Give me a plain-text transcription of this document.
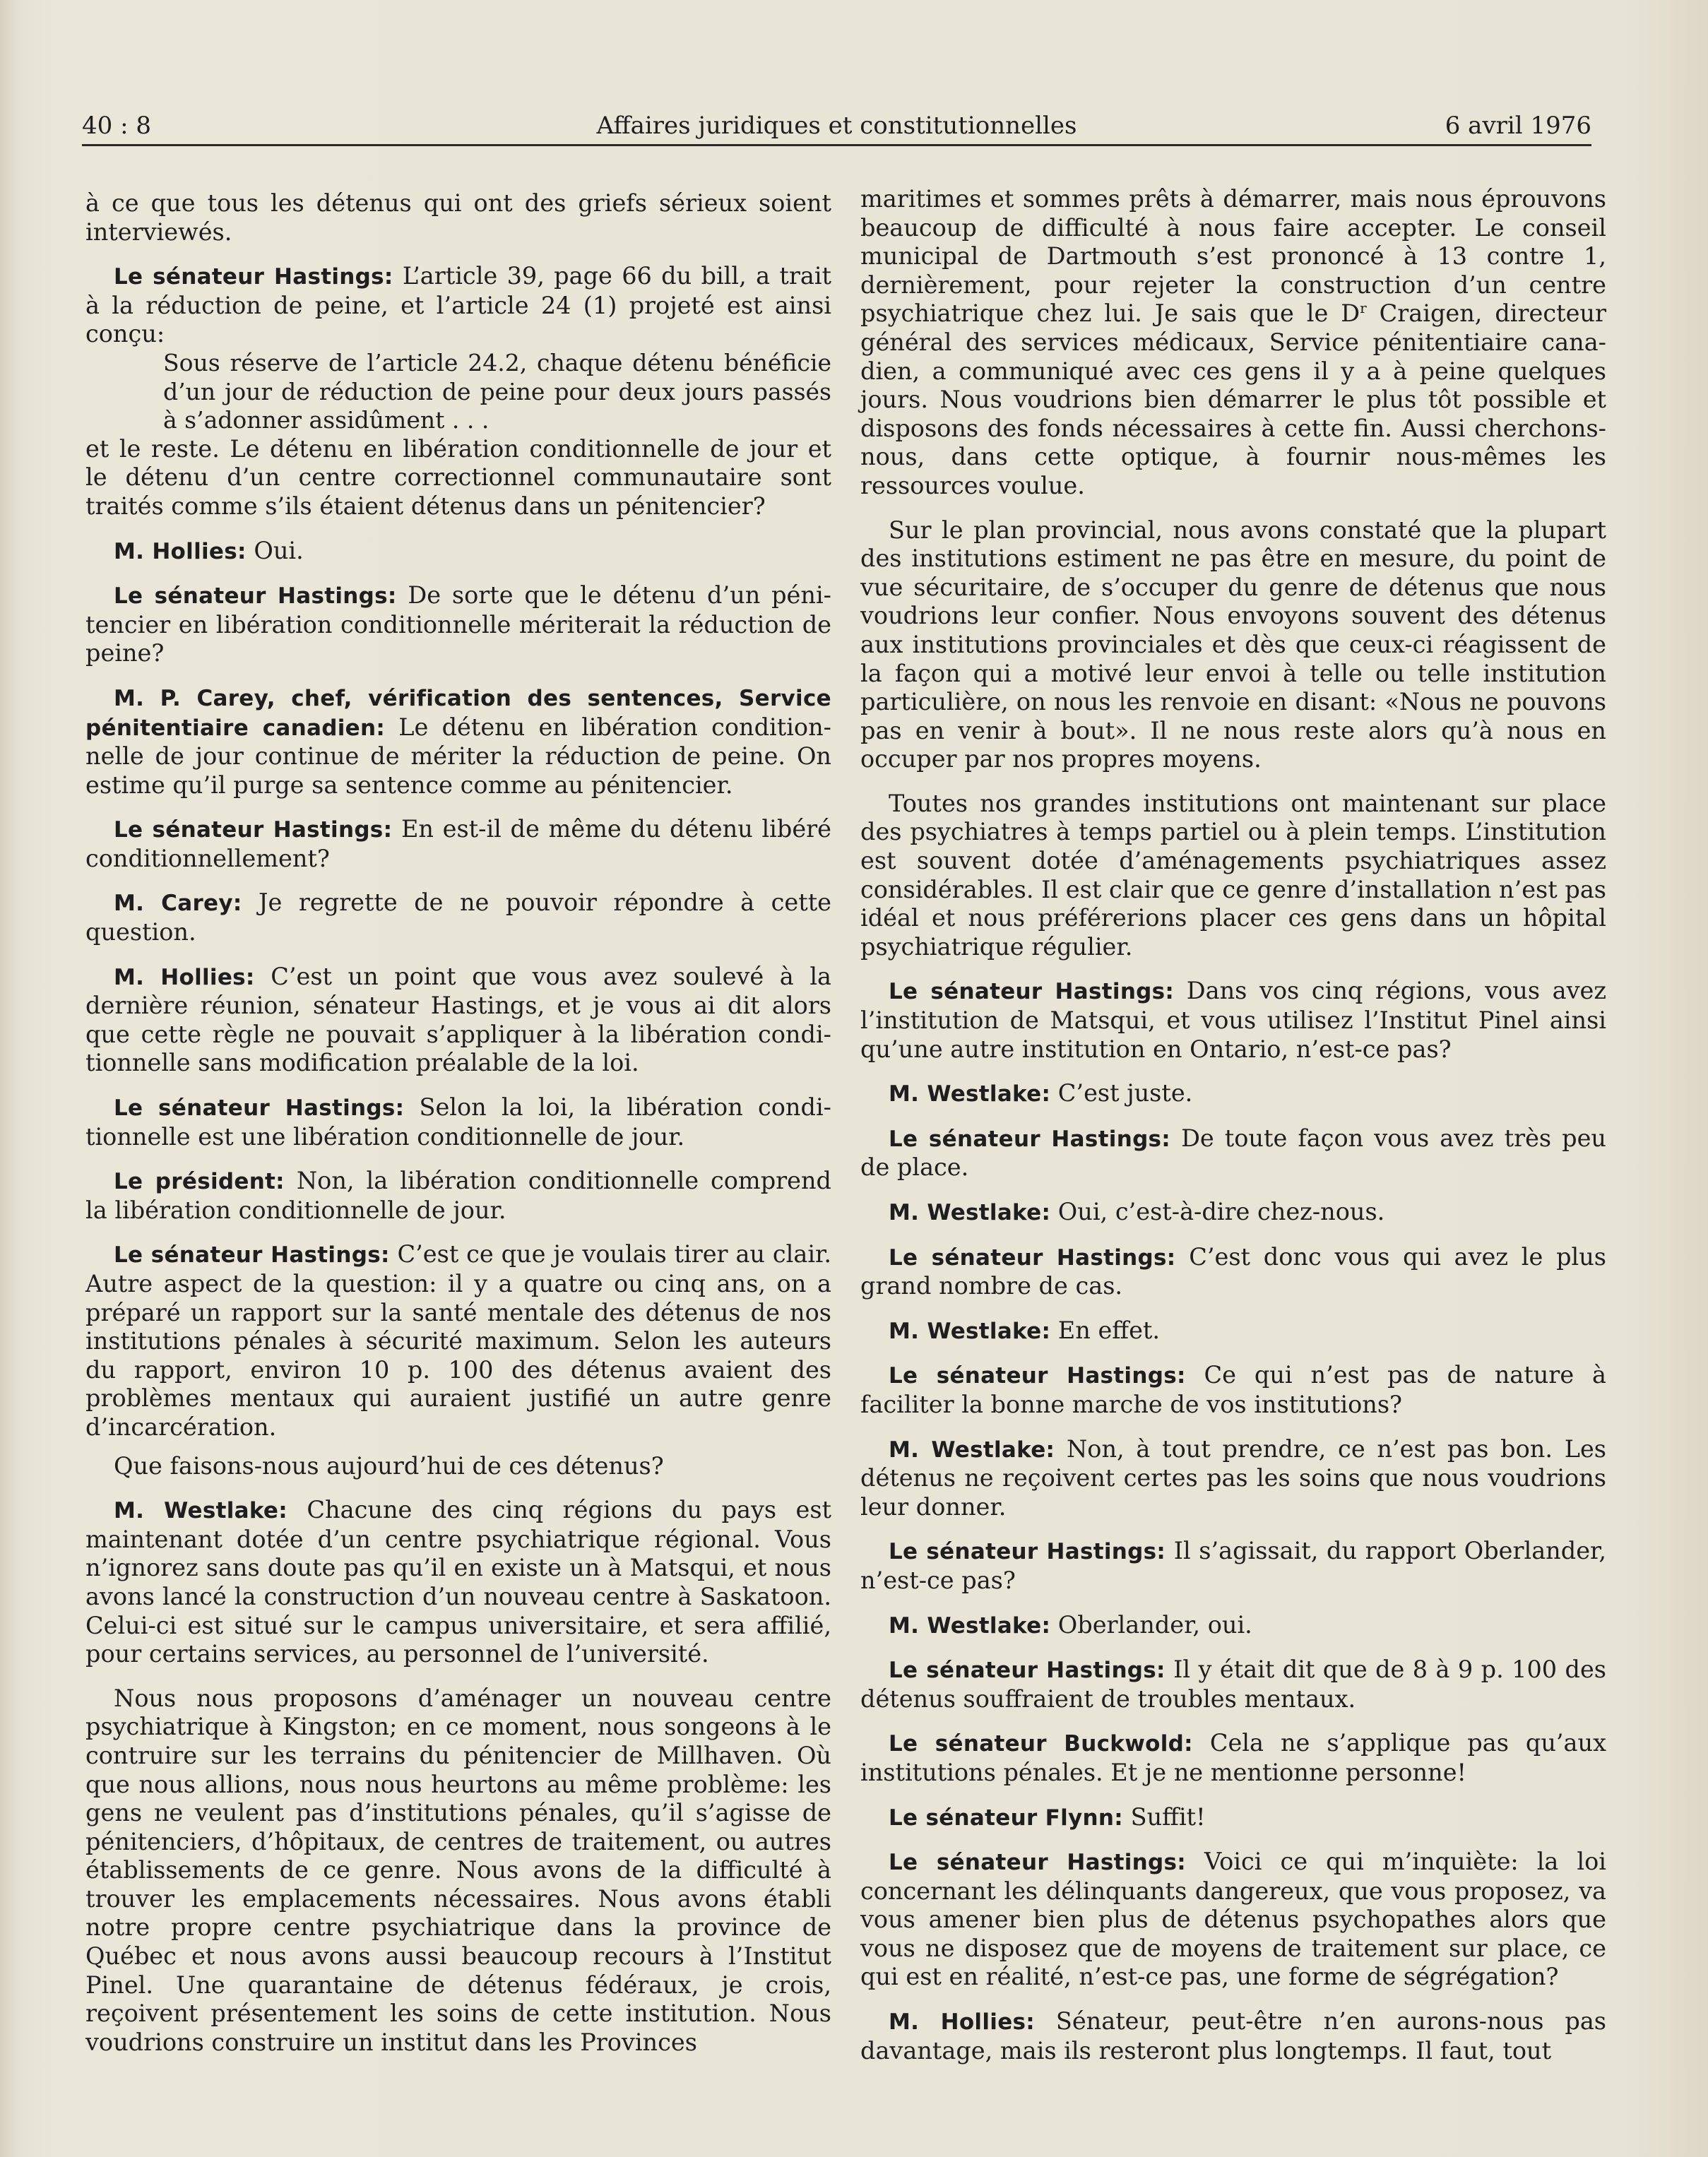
40 : 8	Affaires juridiques et constitutionnelles	6 avril 1976

à ce que tous les détenus qui ont des griefs sérieux soient interviewés.

Le sénateur Hastings: L’article 39, page 66 du bill, a trait à la réduction de peine, et l’article 24 (1) projeté est ainsi conçu:

Sous réserve de l’article 24.2, chaque détenu bénéficie d’un jour de réduction de peine pour deux jours passés à s’adonner assidûment . . .

et le reste. Le détenu en libération conditionnelle de jour et le détenu d’un centre correctionnel communautaire sont traités comme s’ils étaient détenus dans un pénitencier?

M. Hollies: Oui.

Le sénateur Hastings: De sorte que le détenu d’un pénitencier en libération conditionnelle mériterait la réduction de peine?

M. P. Carey, chef, vérification des sentences, Service pénitentiaire canadien: Le détenu en libération conditionnelle de jour continue de mériter la réduction de peine. On estime qu’il purge sa sentence comme au pénitencier.

Le sénateur Hastings: En est-il de même du détenu libéré conditionnellement?

M. Carey: Je regrette de ne pouvoir répondre à cette question.

M. Hollies: C’est un point que vous avez soulevé à la dernière réunion, sénateur Hastings, et je vous ai dit alors que cette règle ne pouvait s’appliquer à la libération conditionnelle sans modification préalable de la loi.

Le sénateur Hastings: Selon la loi, la libération conditionnelle est une libération conditionnelle de jour.

Le président: Non, la libération conditionnelle comprend la libération conditionnelle de jour.

Le sénateur Hastings: C’est ce que je voulais tirer au clair. Autre aspect de la question: il y a quatre ou cinq ans, on a préparé un rapport sur la santé mentale des détenus de nos institutions pénales à sécurité maximum. Selon les auteurs du rapport, environ 10 p. 100 des détenus avaient des problèmes mentaux qui auraient justifié un autre genre d’incarcération.

Que faisons-nous aujourd’hui de ces détenus?

M. Westlake: Chacune des cinq régions du pays est maintenant dotée d’un centre psychiatrique régional. Vous n’ignorez sans doute pas qu’il en existe un à Matsqui, et nous avons lancé la construction d’un nouveau centre à Saskatoon. Celui-ci est situé sur le campus universitaire, et sera affilié, pour certains services, au personnel de l’université.

Nous nous proposons d’aménager un nouveau centre psychiatrique à Kingston; en ce moment, nous songeons à le contruire sur les terrains du pénitencier de Millhaven. Où que nous allions, nous nous heurtons au même problème: les gens ne veulent pas d’institutions pénales, qu’il s’agisse de pénitenciers, d’hôpitaux, de centres de traitement, ou autres établissements de ce genre. Nous avons de la difficulté à trouver les emplacements nécessaires. Nous avons établi notre propre centre psychiatrique dans la province de Québec et nous avons aussi beaucoup recours à l’Institut Pinel. Une quarantaine de détenus fédéraux, je crois, reçoivent présentement les soins de cette institution. Nous voudrions construire un institut dans les Provinces

maritimes et sommes prêts à démarrer, mais nous éprouvons beaucoup de difficulté à nous faire accepter. Le conseil municipal de Dartmouth s’est prononcé à 13 contre 1, dernièrement, pour rejeter la construction d’un centre psychiatrique chez lui. Je sais que le $D^r$ Craigen, directeur général des services médicaux, Service pénitentiaire canadien, a communiqué avec ces gens il y a à peine quelques jours. Nous voudrions bien démarrer le plus tôt possible et disposons des fonds nécessaires à cette fin. Aussi cherchons-nous, dans cette optique, à fournir nous-mêmes les ressources voulue.

Sur le plan provincial, nous avons constaté que la plupart des institutions estiment ne pas être en mesure, du point de vue sécuritaire, de s’occuper du genre de détenus que nous voudrions leur confier. Nous envoyons souvent des détenus aux institutions provinciales et dès que ceux-ci réagissent de la façon qui a motivé leur envoi à telle ou telle institution particulière, on nous les renvoie en disant: «Nous ne pouvons pas en venir à bout». Il ne nous reste alors qu’à nous en occuper par nos propres moyens.

Toutes nos grandes institutions ont maintenant sur place des psychiatres à temps partiel ou à plein temps. L’institution est souvent dotée d’aménagements psychiatriques assez considérables. Il est clair que ce genre d’installation n’est pas idéal et nous préférerions placer ces gens dans un hôpital psychiatrique régulier.

Le sénateur Hastings: Dans vos cinq régions, vous avez l’institution de Matsqui, et vous utilisez l’Institut Pinel ainsi qu’une autre institution en Ontario, n’est-ce pas?

M. Westlake: C’est juste.

Le sénateur Hastings: De toute façon vous avez très peu de place.

M. Westlake: Oui, c’est-à-dire chez-nous.

Le sénateur Hastings: C’est donc vous qui avez le plus grand nombre de cas.

M. Westlake: En effet.

Le sénateur Hastings: Ce qui n’est pas de nature à faciliter la bonne marche de vos institutions?

M. Westlake: Non, à tout prendre, ce n’est pas bon. Les détenus ne reçoivent certes pas les soins que nous voudrions leur donner.

Le sénateur Hastings: Il s’agissait, du rapport Oberlander, n’est-ce pas?

M. Westlake: Oberlander, oui.

Le sénateur Hastings: Il y était dit que de 8 à 9 p. 100 des détenus souffraient de troubles mentaux.

Le sénateur Buckwold: Cela ne s’applique pas qu’aux institutions pénales. Et je ne mentionne personne!

Le sénateur Flynn: Suffit!

Le sénateur Hastings: Voici ce qui m’inquiète: la loi concernant les délinquants dangereux, que vous proposez, va vous amener bien plus de détenus psychopathes alors que vous ne disposez que de moyens de traitement sur place, ce qui est en réalité, n’est-ce pas, une forme de ségrégation?

M. Hollies: Sénateur, peut-être n’en aurons-nous pas davantage, mais ils resteront plus longtemps. Il faut, tout
